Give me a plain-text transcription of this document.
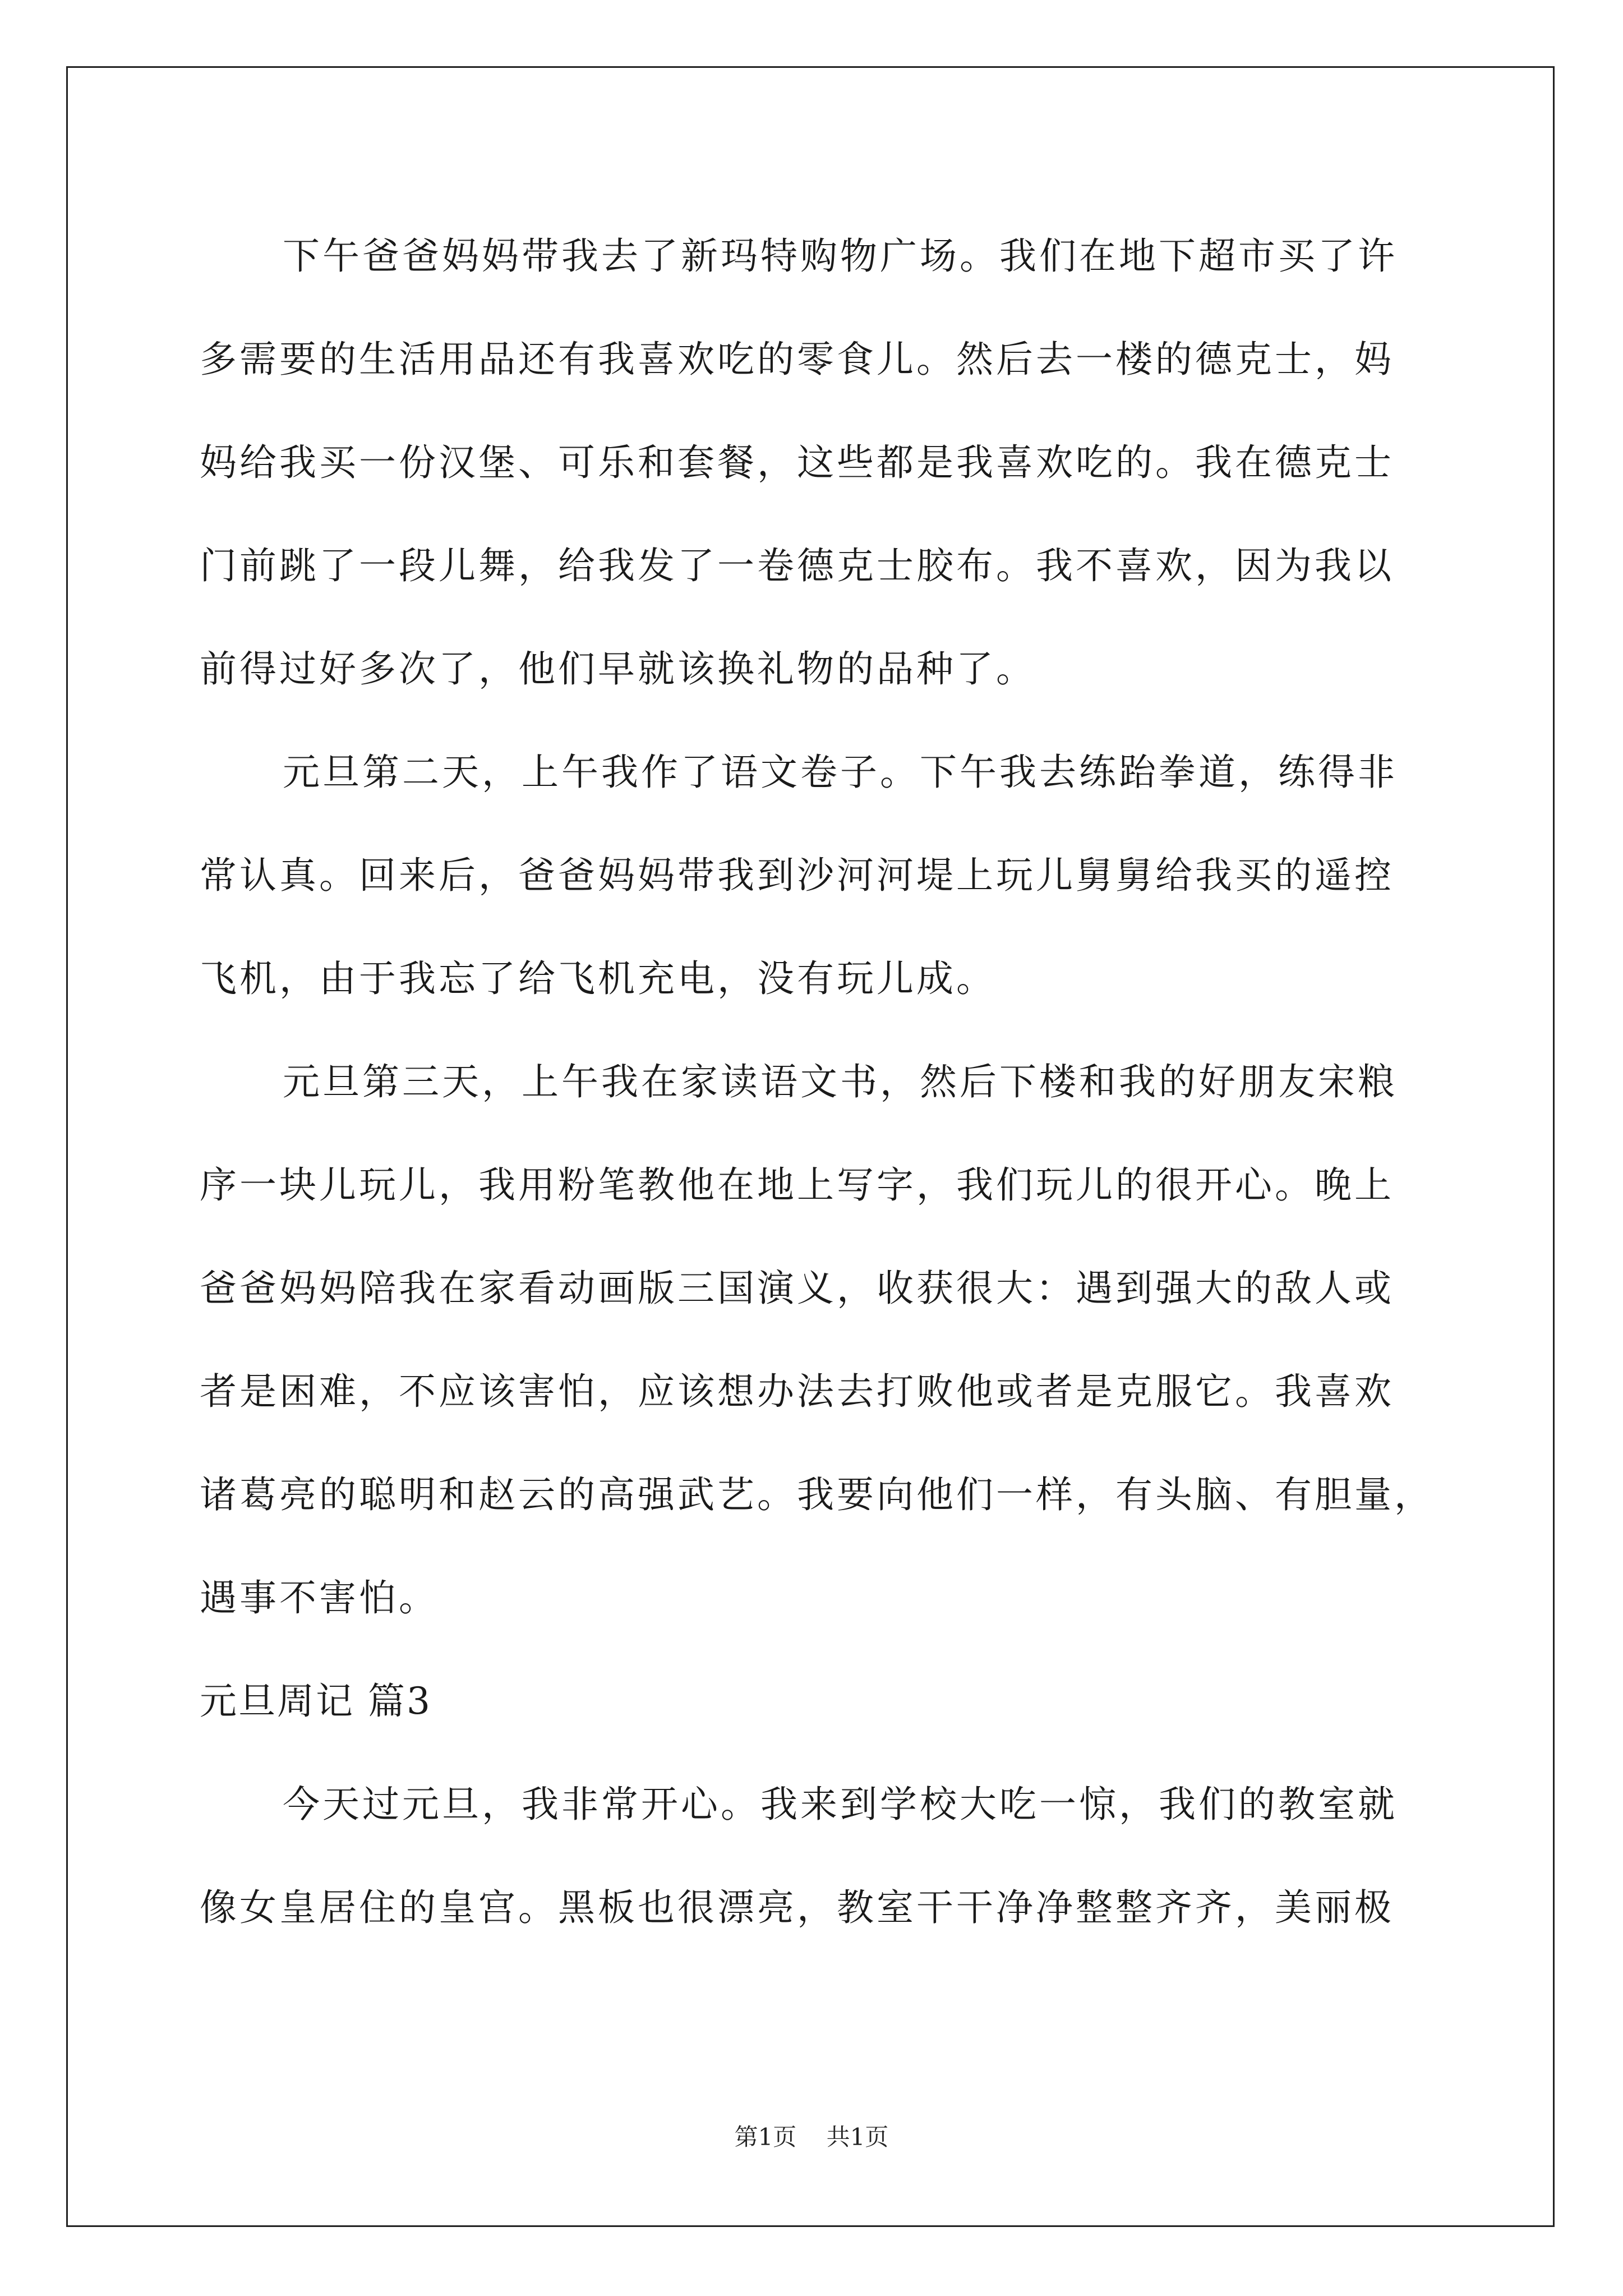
下午爸爸妈妈带我去了新玛特购物广场。我们在地下超市买了许
多需要的生活用品还有我喜欢吃的零食儿。然后去一楼的德克士，妈
妈给我买一份汉堡、可乐和套餐，这些都是我喜欢吃的。我在德克士
门前跳了一段儿舞，给我发了一卷德克士胶布。我不喜欢，因为我以
前得过好多次了，他们早就该换礼物的品种了。
元旦第二天，上午我作了语文卷子。下午我去练跆拳道，练得非
常认真。回来后，爸爸妈妈带我到沙河河堤上玩儿舅舅给我买的遥控
飞机，由于我忘了给飞机充电，没有玩儿成。
元旦第三天，上午我在家读语文书，然后下楼和我的好朋友宋粮
序一块儿玩儿，我用粉笔教他在地上写字，我们玩儿的很开心。晚上
爸爸妈妈陪我在家看动画版三国演义，收获很大：遇到强大的敌人或
者是困难，不应该害怕，应该想办法去打败他或者是克服它。我喜欢
诸葛亮的聪明和赵云的高强武艺。我要向他们一样，有头脑、有胆量，
遇事不害怕。
元旦周记 篇3
今天过元旦，我非常开心。我来到学校大吃一惊，我们的教室就
像女皇居住的皇宫。黑板也很漂亮，教室干干净净整整齐齐，美丽极
第1页 共1页
